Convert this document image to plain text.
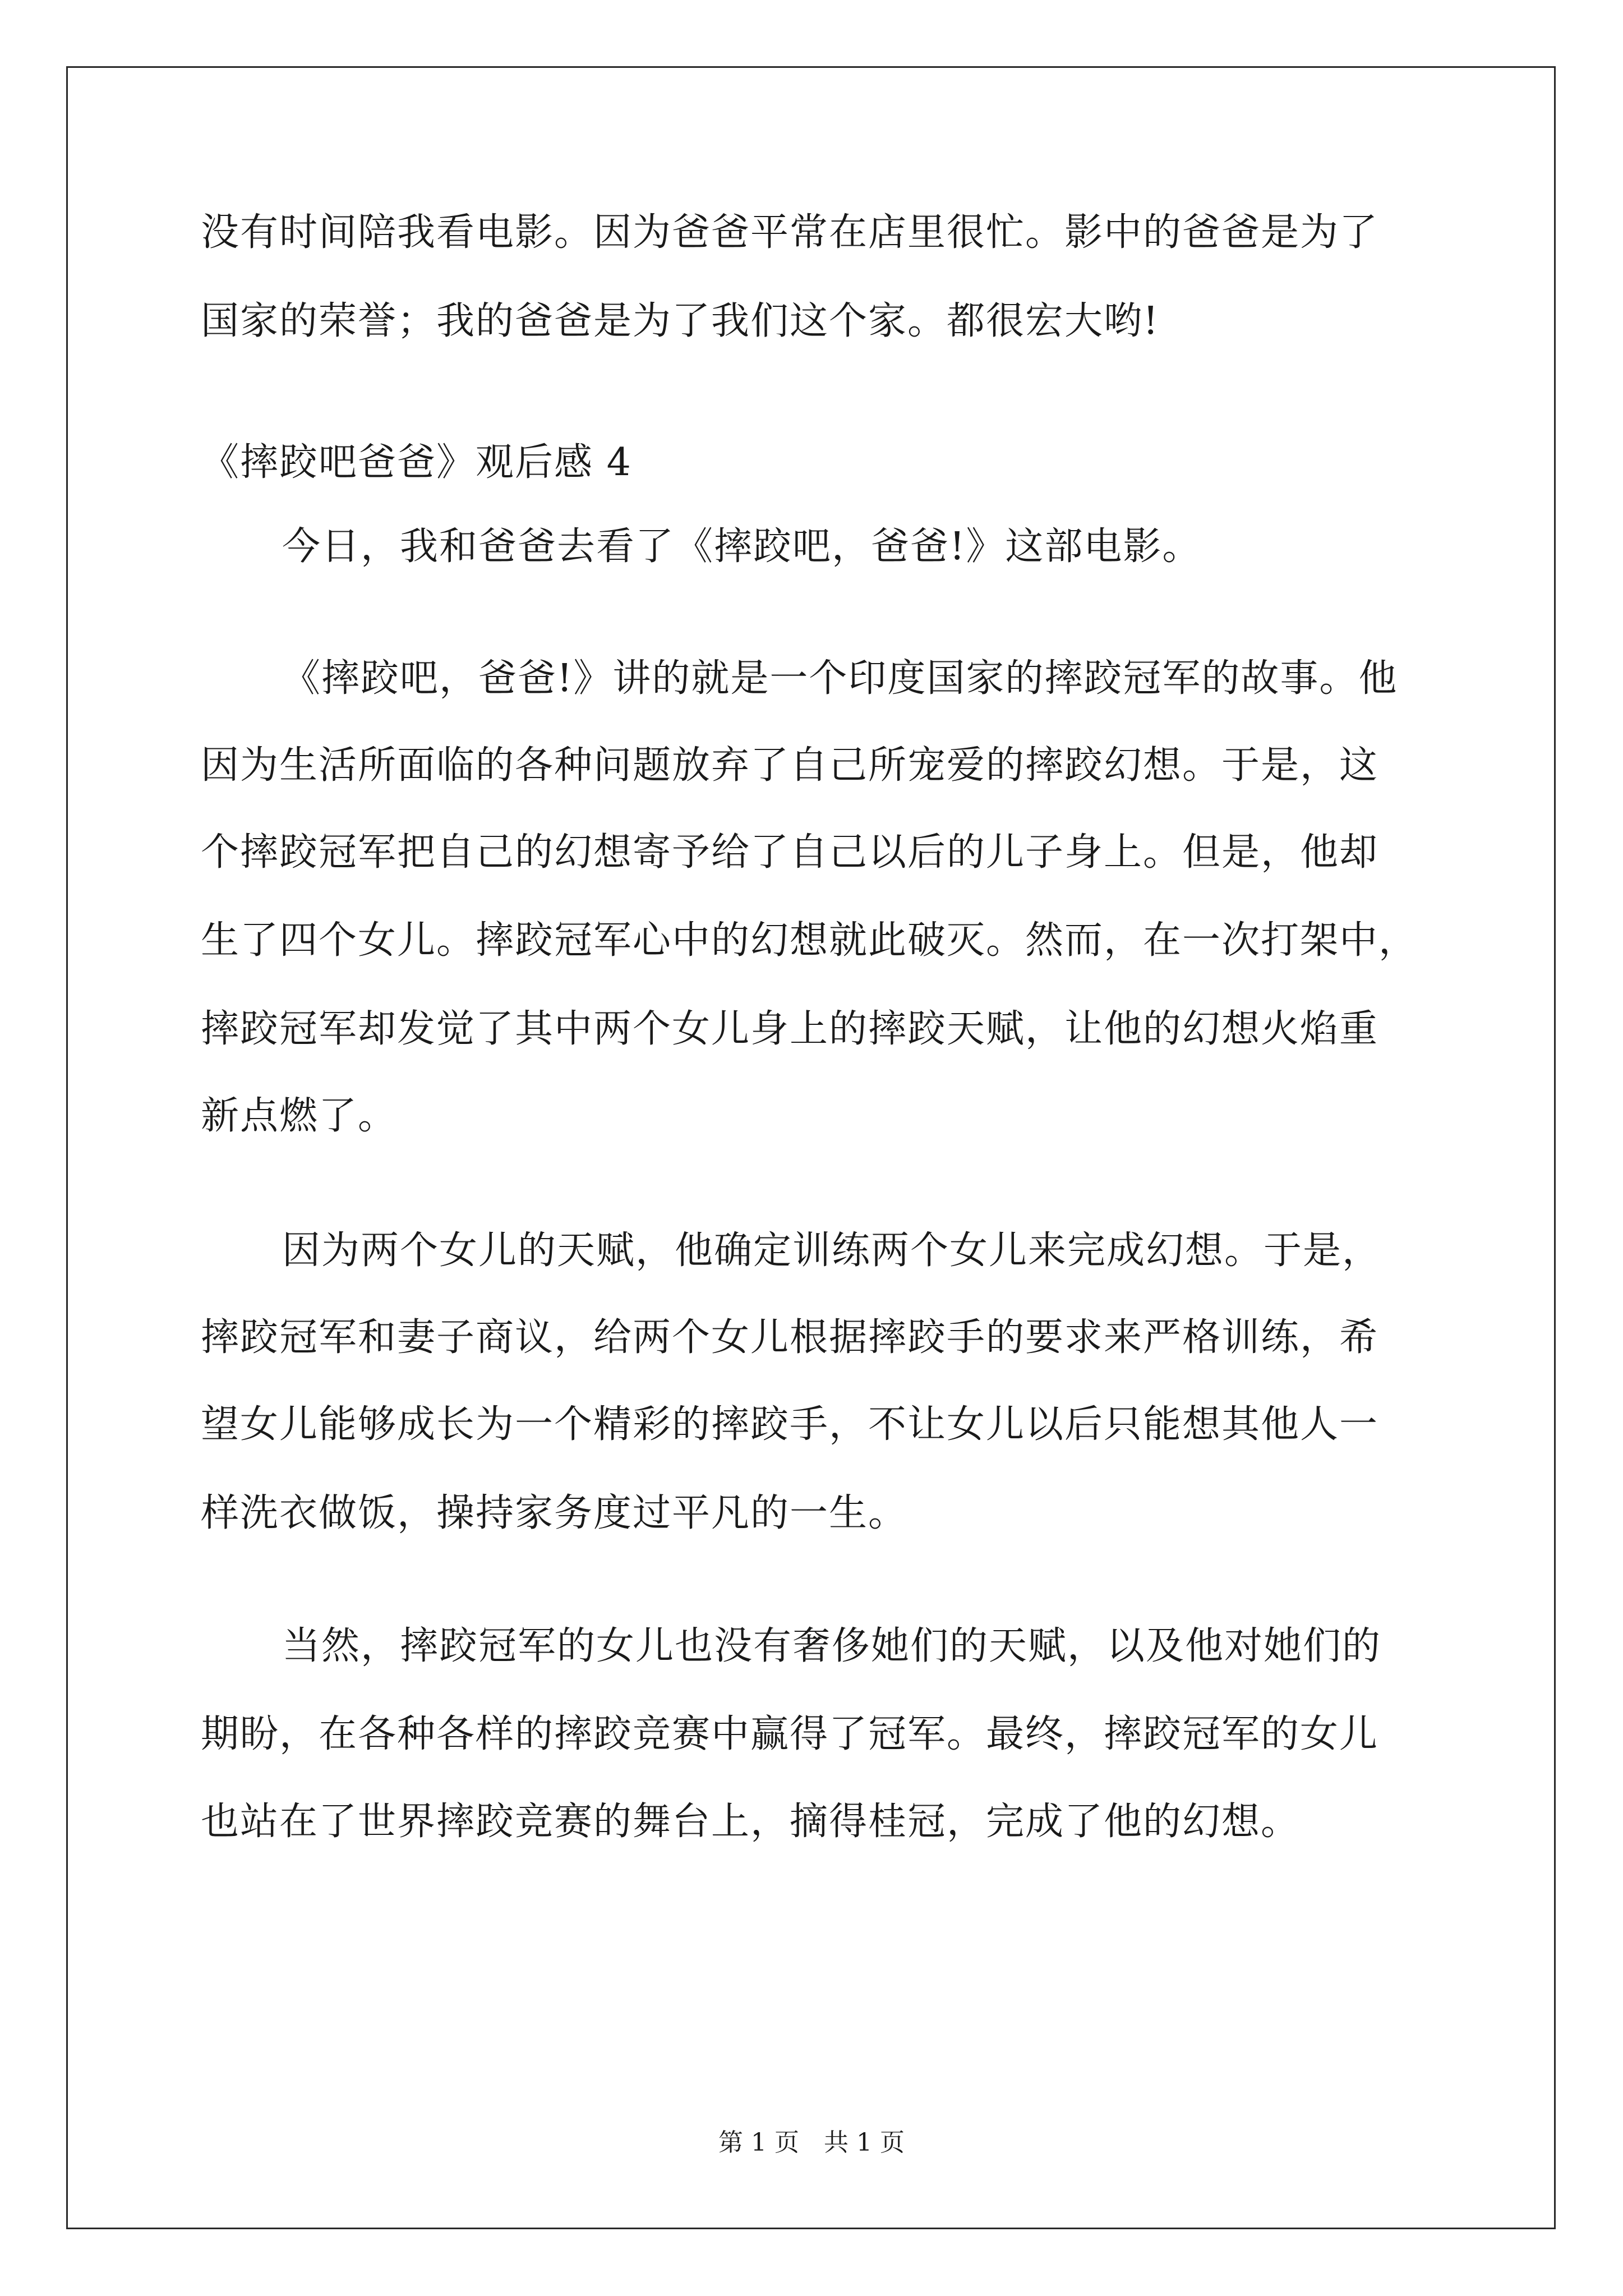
没有时间陪我看电影。因为爸爸平常在店里很忙。影中的爸爸是为了
国家的荣誉；我的爸爸是为了我们这个家。都很宏大哟!
《摔跤吧爸爸》观后感 4
今日，我和爸爸去看了《摔跤吧，爸爸!》这部电影。
《摔跤吧，爸爸!》讲的就是一个印度国家的摔跤冠军的故事。他
因为生活所面临的各种问题放弃了自己所宠爱的摔跤幻想。于是，这
个摔跤冠军把自己的幻想寄予给了自己以后的儿子身上。但是，他却
生了四个女儿。摔跤冠军心中的幻想就此破灭。然而，在一次打架中，
摔跤冠军却发觉了其中两个女儿身上的摔跤天赋，让他的幻想火焰重
新点燃了。
因为两个女儿的天赋，他确定训练两个女儿来完成幻想。于是，
摔跤冠军和妻子商议，给两个女儿根据摔跤手的要求来严格训练，希
望女儿能够成长为一个精彩的摔跤手，不让女儿以后只能想其他人一
样洗衣做饭，操持家务度过平凡的一生。
当然，摔跤冠军的女儿也没有奢侈她们的天赋，以及他对她们的
期盼，在各种各样的摔跤竞赛中赢得了冠军。最终，摔跤冠军的女儿
也站在了世界摔跤竞赛的舞台上，摘得桂冠，完成了他的幻想。
第 1 页　共 1 页
